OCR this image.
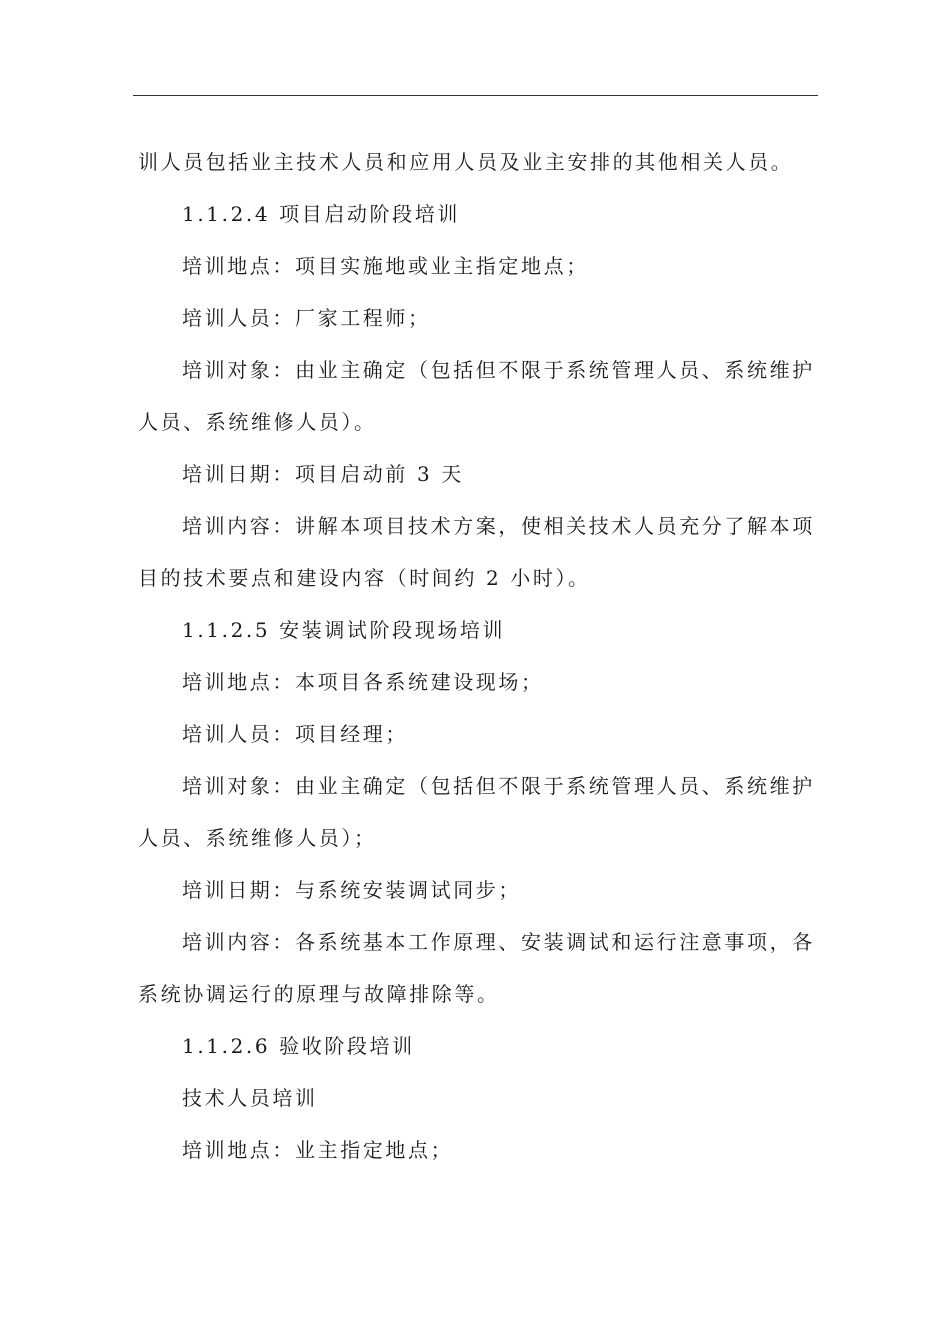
训人员包括业主技术人员和应用人员及业主安排的其他相关人员。

1.1.2.4 项目启动阶段培训

培训地点：项目实施地或业主指定地点；

培训人员：厂家工程师；

培训对象：由业主确定（包括但不限于系统管理人员、系统维护

人员、系统维修人员）。

培训日期：项目启动前 3 天

培训内容：讲解本项目技术方案，使相关技术人员充分了解本项

目的技术要点和建设内容（时间约 2 小时）。

1.1.2.5 安装调试阶段现场培训

培训地点：本项目各系统建设现场；

培训人员：项目经理；

培训对象：由业主确定（包括但不限于系统管理人员、系统维护

人员、系统维修人员）；

培训日期：与系统安装调试同步；

培训内容：各系统基本工作原理、安装调试和运行注意事项，各

系统协调运行的原理与故障排除等。

1.1.2.6 验收阶段培训

技术人员培训

培训地点：业主指定地点；
